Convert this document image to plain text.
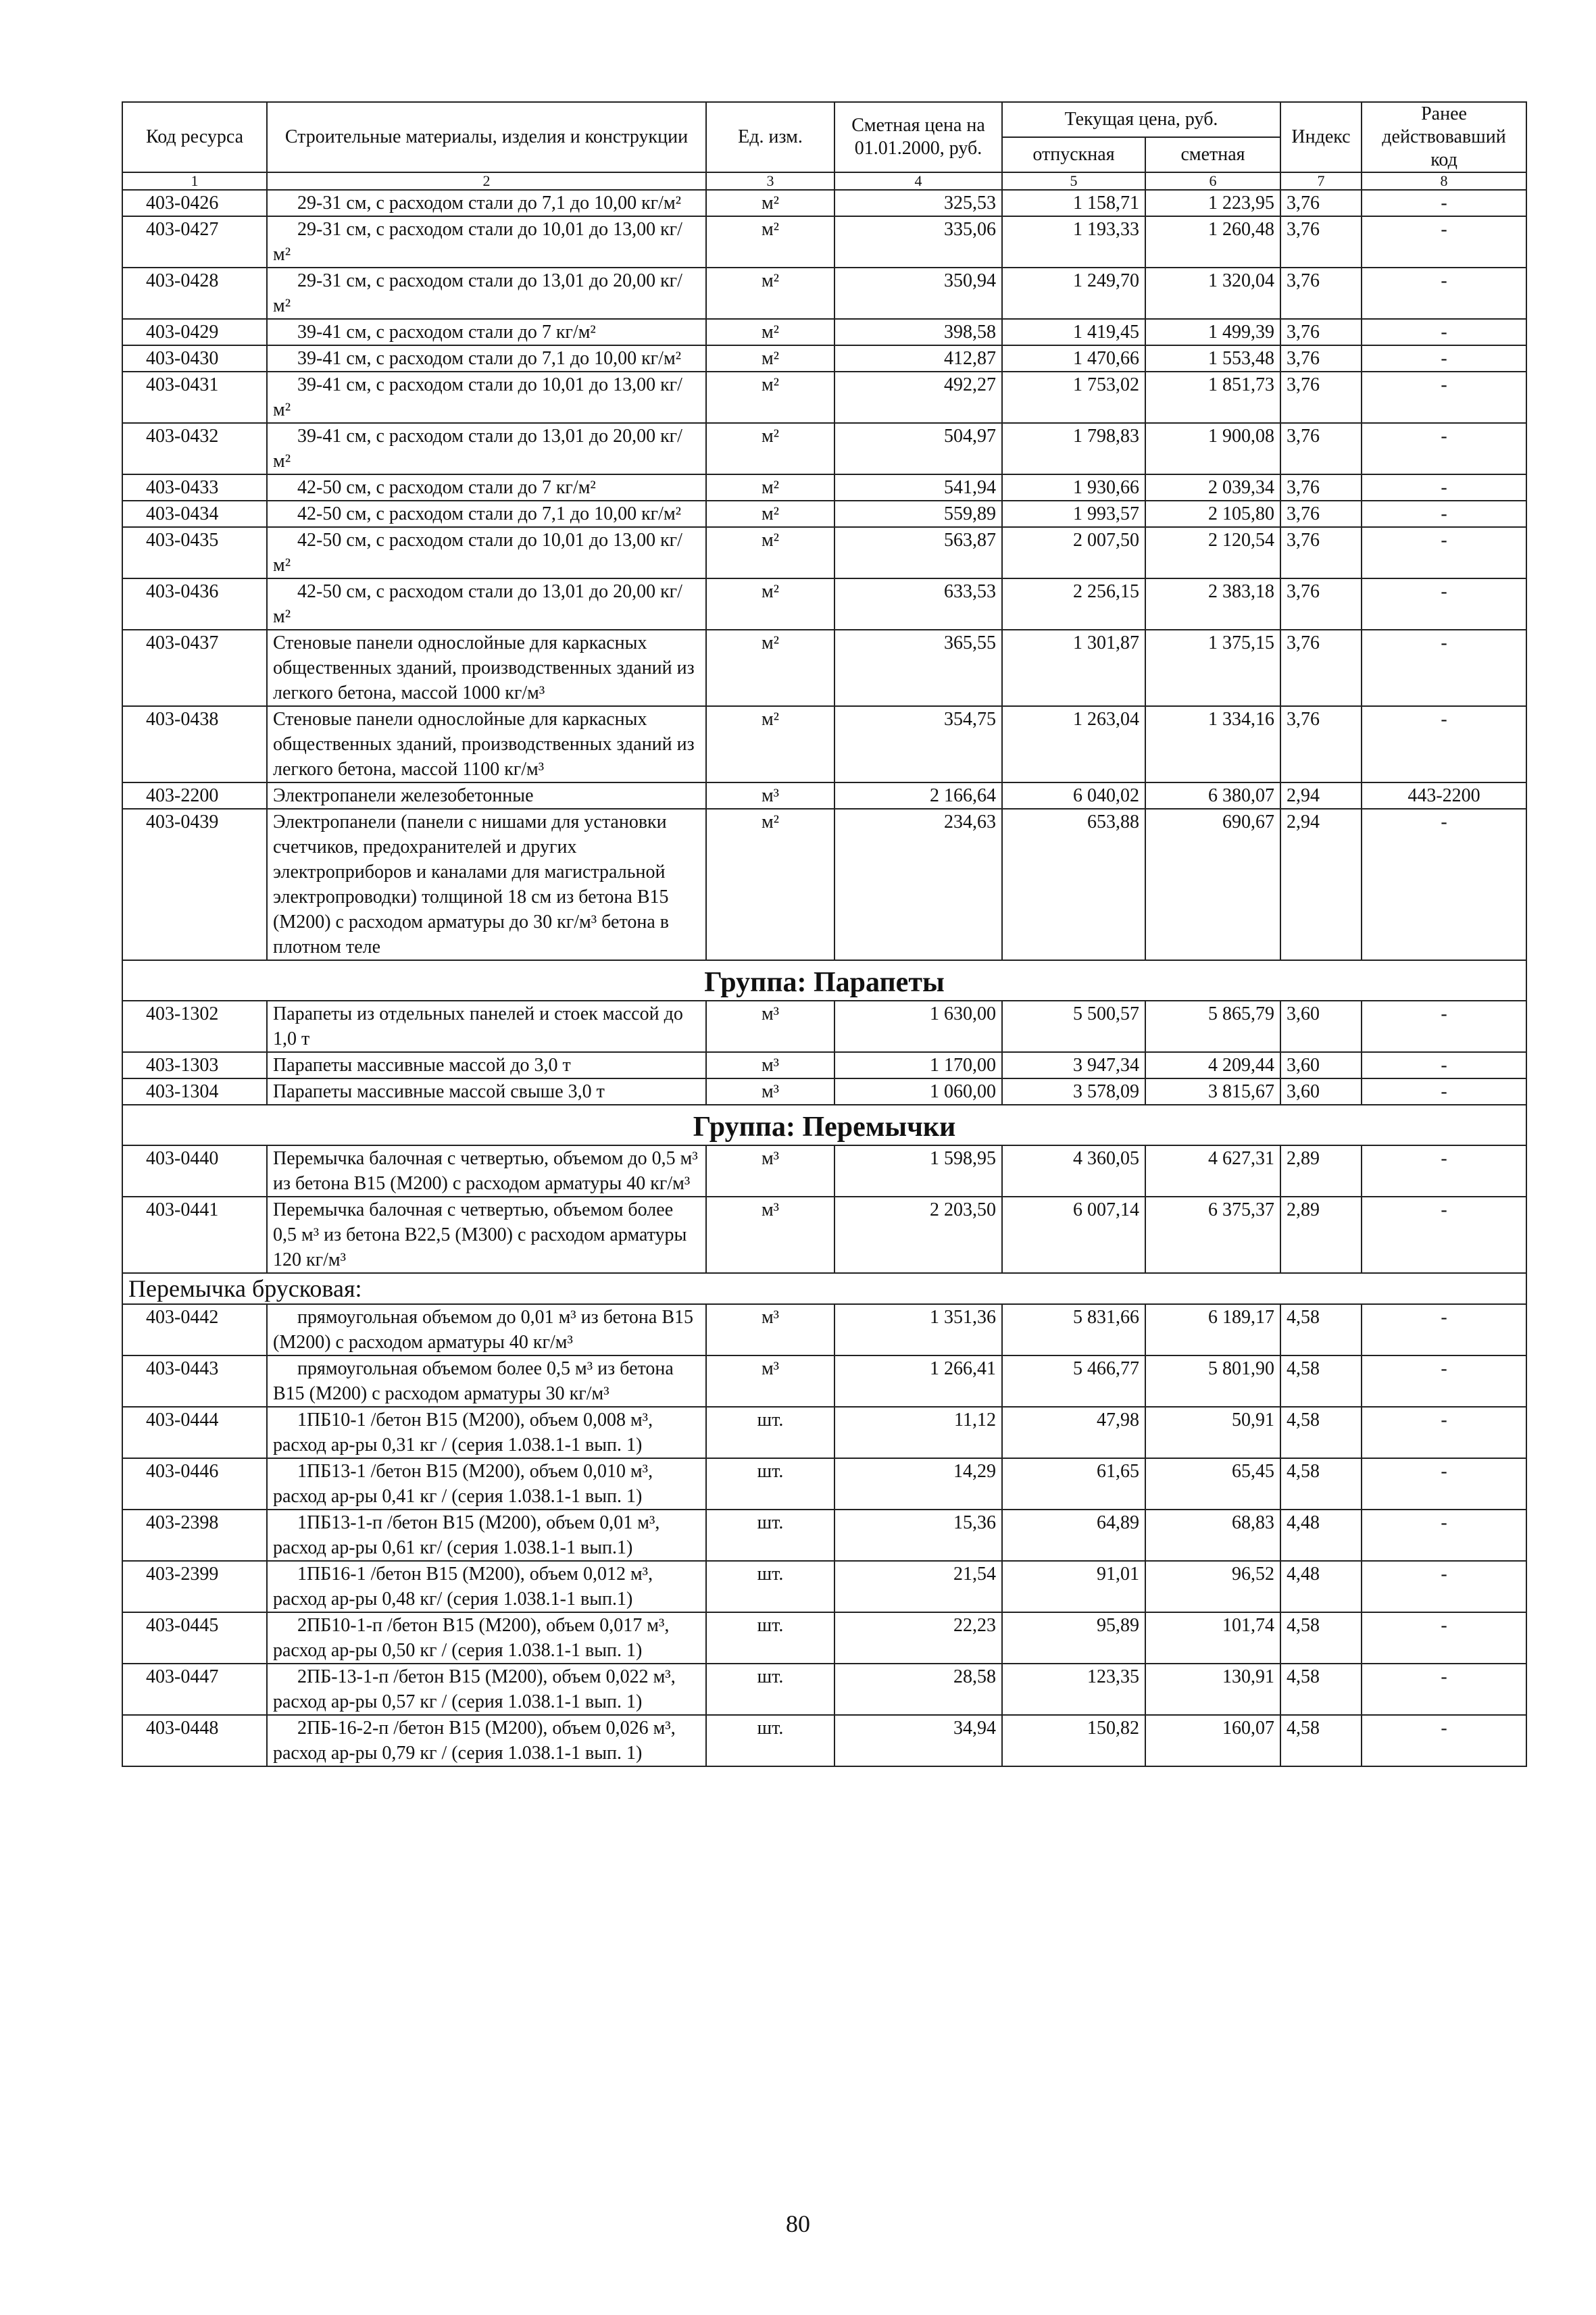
Код ресурса	Строительные материалы, изделия и конструкции	Ед. изм.	Сметная цена на 01.01.2000, руб.	Текущая цена, руб.		Индекс	Ранее действовавший код
				отпускная	сметная		
1	2	3	4	5	6	7	8
403-0426	29-31 см, с расходом стали до 7,1 до 10,00 кг/м²	м²	325,53	1 158,71	1 223,95	3,76	-
403-0427	29-31 см, с расходом стали до 10,01 до 13,00 кг/м²	м²	335,06	1 193,33	1 260,48	3,76	-
403-0428	29-31 см, с расходом стали до 13,01 до 20,00 кг/м²	м²	350,94	1 249,70	1 320,04	3,76	-
403-0429	39-41 см, с расходом стали до 7 кг/м²	м²	398,58	1 419,45	1 499,39	3,76	-
403-0430	39-41 см, с расходом стали до 7,1 до 10,00 кг/м²	м²	412,87	1 470,66	1 553,48	3,76	-
403-0431	39-41 см, с расходом стали до 10,01 до 13,00 кг/м²	м²	492,27	1 753,02	1 851,73	3,76	-
403-0432	39-41 см, с расходом стали до 13,01 до 20,00 кг/м²	м²	504,97	1 798,83	1 900,08	3,76	-
403-0433	42-50 см, с расходом стали до 7 кг/м²	м²	541,94	1 930,66	2 039,34	3,76	-
403-0434	42-50 см, с расходом стали до 7,1 до 10,00 кг/м²	м²	559,89	1 993,57	2 105,80	3,76	-
403-0435	42-50 см, с расходом стали до 10,01 до 13,00 кг/м²	м²	563,87	2 007,50	2 120,54	3,76	-
403-0436	42-50 см, с расходом стали до 13,01 до 20,00 кг/м²	м²	633,53	2 256,15	2 383,18	3,76	-
403-0437	Стеновые панели однослойные для каркасных общественных зданий, производственных зданий из легкого бетона, массой 1000 кг/м³	м²	365,55	1 301,87	1 375,15	3,76	-
403-0438	Стеновые панели однослойные для каркасных общественных зданий, производственных зданий из легкого бетона, массой 1100 кг/м³	м²	354,75	1 263,04	1 334,16	3,76	-
403-2200	Электропанели железобетонные	м³	2 166,64	6 040,02	6 380,07	2,94	443-2200
403-0439	Электропанели (панели с нишами для установки счетчиков, предохранителей и других электроприборов и каналами для магистральной электропроводки) толщиной 18 см из бетона В15 (М200) с расходом арматуры до 30 кг/м³ бетона в плотном теле	м²	234,63	653,88	690,67	2,94	-
Группа: Парапеты							
403-1302	Парапеты из отдельных панелей и стоек массой до 1,0 т	м³	1 630,00	5 500,57	5 865,79	3,60	-
403-1303	Парапеты массивные массой до 3,0 т	м³	1 170,00	3 947,34	4 209,44	3,60	-
403-1304	Парапеты массивные массой свыше 3,0 т	м³	1 060,00	3 578,09	3 815,67	3,60	-
Группа: Перемычки							
403-0440	Перемычка балочная с четвертью, объемом до 0,5 м³ из бетона В15 (М200) с расходом арматуры 40 кг/м³	м³	1 598,95	4 360,05	4 627,31	2,89	-
403-0441	Перемычка балочная с четвертью, объемом более 0,5 м³ из бетона В22,5 (М300) с расходом арматуры 120 кг/м³	м³	2 203,50	6 007,14	6 375,37	2,89	-
Перемычка брусковая:							
403-0442	прямоугольная объемом до 0,01 м³ из бетона В15 (М200) с расходом арматуры 40 кг/м³	м³	1 351,36	5 831,66	6 189,17	4,58	-
403-0443	прямоугольная объемом более 0,5 м³ из бетона В15 (М200) с расходом арматуры 30 кг/м³	м³	1 266,41	5 466,77	5 801,90	4,58	-
403-0444	1ПБ10-1 /бетон В15 (М200), объем 0,008 м³, расход ар-ры 0,31 кг / (серия 1.038.1-1 вып. 1)	шт.	11,12	47,98	50,91	4,58	-
403-0446	1ПБ13-1 /бетон В15 (М200), объем 0,010 м³, расход ар-ры 0,41 кг / (серия 1.038.1-1 вып. 1)	шт.	14,29	61,65	65,45	4,58	-
403-2398	1ПБ13-1-п /бетон В15 (М200), объем 0,01 м³, расход ар-ры 0,61 кг/ (серия 1.038.1-1 вып.1)	шт.	15,36	64,89	68,83	4,48	-
403-2399	1ПБ16-1 /бетон В15 (М200), объем 0,012 м³, расход ар-ры 0,48 кг/ (серия 1.038.1-1 вып.1)	шт.	21,54	91,01	96,52	4,48	-
403-0445	2ПБ10-1-п /бетон В15 (М200), объем 0,017 м³, расход ар-ры 0,50 кг / (серия 1.038.1-1 вып. 1)	шт.	22,23	95,89	101,74	4,58	-
403-0447	2ПБ-13-1-п /бетон В15 (М200), объем 0,022 м³, расход ар-ры 0,57 кг / (серия 1.038.1-1 вып. 1)	шт.	28,58	123,35	130,91	4,58	-
403-0448	2ПБ-16-2-п /бетон В15 (М200), объем 0,026 м³, расход ар-ры 0,79 кг / (серия 1.038.1-1 вып. 1)	шт.	34,94	150,82	160,07	4,58	-
80
